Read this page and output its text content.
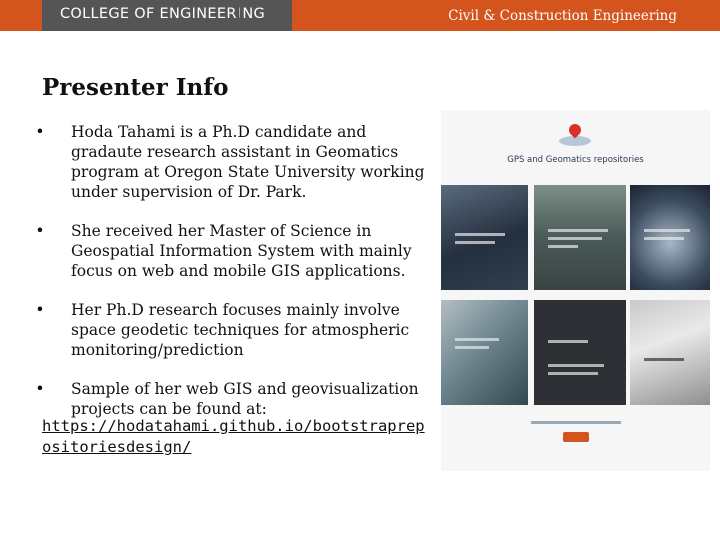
COLLEGE OF ENGINEER|NG	Civil & Construction Engineering
Presenter Info
•	Hoda Tahami is a Ph.D candidate and gradaute research assistant in Geomatics program at Oregon State University working under supervision of Dr. Park.
•	She received her Master of Science in Geospatial Information System with mainly focus on web and mobile GIS applications.
•	Her Ph.D research focuses mainly involve space geodetic techniques for atmospheric monitoring/prediction
•	Sample of her web GIS and geovisualization projects can be found at:
https://hodatahami.github.io/bootstraprepositoriesdesign/
GPS and Geomatics repositories
